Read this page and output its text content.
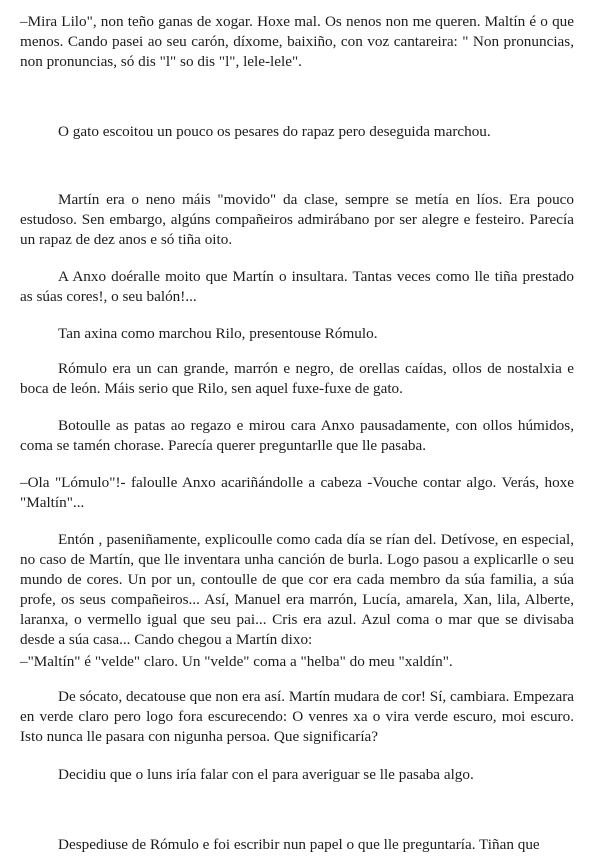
–Mira Lilo", non teño ganas de xogar. Hoxe mal. Os nenos non me queren. Maltín é o que menos. Cando pasei ao seu carón, díxome, baixiño, con voz cantareira: " Non pronuncias, non pronuncias, só dis "l" so dis "l", lele-lele".

O gato escoitou un pouco os pesares do rapaz pero deseguida marchou.

Martín era o neno máis "movido" da clase, sempre se metía en líos. Era pouco estudoso. Sen embargo, algúns compañeiros admirábano por ser alegre e festeiro. Parecía un rapaz de dez anos e só tiña oito.

A Anxo doéralle moito que Martín o insultara. Tantas veces como lle tiña prestado as súas cores!, o seu balón!...

Tan axina como marchou Rilo, presentouse Rómulo.

Rómulo era un can grande, marrón e negro, de orellas caídas, ollos de nostalxia e boca de león. Máis serio que Rilo, sen aquel fuxe-fuxe de gato.

Botoulle as patas ao regazo e mirou cara Anxo pausadamente, con ollos húmidos, coma se tamén chorase. Parecía querer preguntarlle que lle pasaba.

–Ola "Lómulo"!- faloulle Anxo acariñándolle a cabeza -Vouche contar algo. Verás, hoxe "Maltín"...

Entón , paseniñamente, explicoulle como cada día se rían del. Detívose, en especial, no caso de Martín, que lle inventara unha canción de burla. Logo pasou a explicarlle o seu mundo de cores. Un por un, contoulle de que cor era cada membro da súa familia, a súa profe, os seus compañeiros... Así, Manuel era marrón, Lucía, amarela, Xan, lila, Alberte, laranxa, o vermello igual que seu pai... Cris era azul. Azul coma o mar que se divisaba desde a súa casa... Cando chegou a Martín dixo:

–"Maltín" é "velde" claro. Un "velde" coma a "helba" do meu "xaldín".

De sócato, decatouse que non era así. Martín mudara de cor! Sí, cambiara. Empezara en verde claro pero logo fora escurecendo: O venres xa o vira verde escuro, moi escuro. Isto nunca lle pasara con nigunha persoa. Que significaría?

Decidiu que o luns iría falar con el para averiguar se lle pasaba algo.

Despediuse de Rómulo e foi escribir nun papel o que lle preguntaría. Tiñan que
